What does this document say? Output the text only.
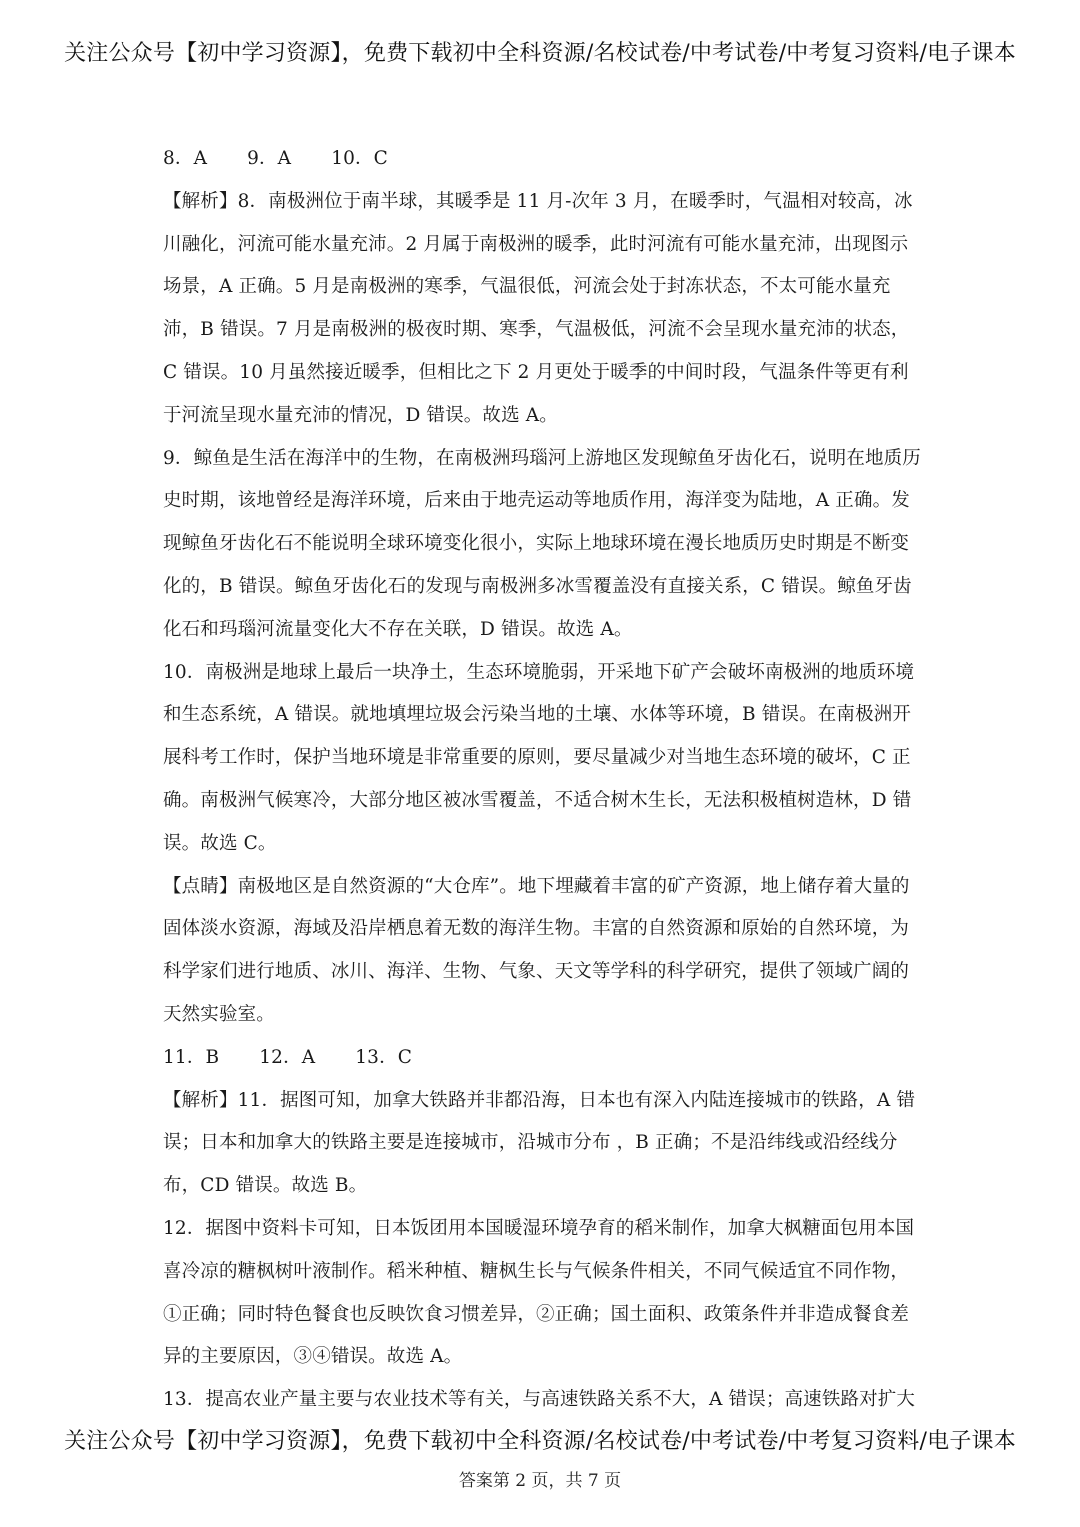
关注公众号【初中学习资源】，免费下载初中全科资源/名校试卷/中考试卷/中考复习资料/电子课本

8．A 9．A 10．C

【解析】8．南极洲位于南半球，其暖季是 11 月-次年 3 月，在暖季时，气温相对较高，冰川融化，河流可能水量充沛。2 月属于南极洲的暖季，此时河流有可能水量充沛，出现图示场景，A 正确。5 月是南极洲的寒季，气温很低，河流会处于封冻状态，不太可能水量充沛，B 错误。7 月是南极洲的极夜时期、寒季，气温极低，河流不会呈现水量充沛的状态，C 错误。10 月虽然接近暖季，但相比之下 2 月更处于暖季的中间时段，气温条件等更有利于河流呈现水量充沛的情况，D 错误。故选 A。

9．鲸鱼是生活在海洋中的生物，在南极洲玛瑙河上游地区发现鲸鱼牙齿化石，说明在地质历史时期，该地曾经是海洋环境，后来由于地壳运动等地质作用，海洋变为陆地，A 正确。发现鲸鱼牙齿化石不能说明全球环境变化很小，实际上地球环境在漫长地质历史时期是不断变化的，B 错误。鲸鱼牙齿化石的发现与南极洲多冰雪覆盖没有直接关系，C 错误。鲸鱼牙齿化石和玛瑙河流量变化大不存在关联，D 错误。故选 A。

10．南极洲是地球上最后一块净土，生态环境脆弱，开采地下矿产会破坏南极洲的地质环境和生态系统，A 错误。就地填埋垃圾会污染当地的土壤、水体等环境，B 错误。在南极洲开展科考工作时，保护当地环境是非常重要的原则，要尽量减少对当地生态环境的破坏，C 正确。南极洲气候寒冷，大部分地区被冰雪覆盖，不适合树木生长，无法积极植树造林，D 错误。故选 C。

【点睛】南极地区是自然资源的“大仓库”。地下埋藏着丰富的矿产资源，地上储存着大量的固体淡水资源，海域及沿岸栖息着无数的海洋生物。丰富的自然资源和原始的自然环境，为科学家们进行地质、冰川、海洋、生物、气象、天文等学科的科学研究，提供了领域广阔的天然实验室。

11．B 12．A 13．C

【解析】11．据图可知，加拿大铁路并非都沿海，日本也有深入内陆连接城市的铁路，A 错误；日本和加拿大的铁路主要是连接城市，沿城市分布 ，B 正确；不是沿纬线或沿经线分布，CD 错误。故选 B。

12．据图中资料卡可知，日本饭团用本国暖湿环境孕育的稻米制作，加拿大枫糖面包用本国喜冷凉的糖枫树叶液制作。稻米种植、糖枫生长与气候条件相关，不同气候适宜不同作物，①正确；同时特色餐食也反映饮食习惯差异，②正确；国土面积、政策条件并非造成餐食差异的主要原因，③④错误。故选 A。

13．提高农业产量主要与农业技术等有关，与高速铁路关系不大，A 错误；高速铁路对扩大

关注公众号【初中学习资源】，免费下载初中全科资源/名校试卷/中考试卷/中考复习资料/电子课本
答案第 2 页，共 7 页
